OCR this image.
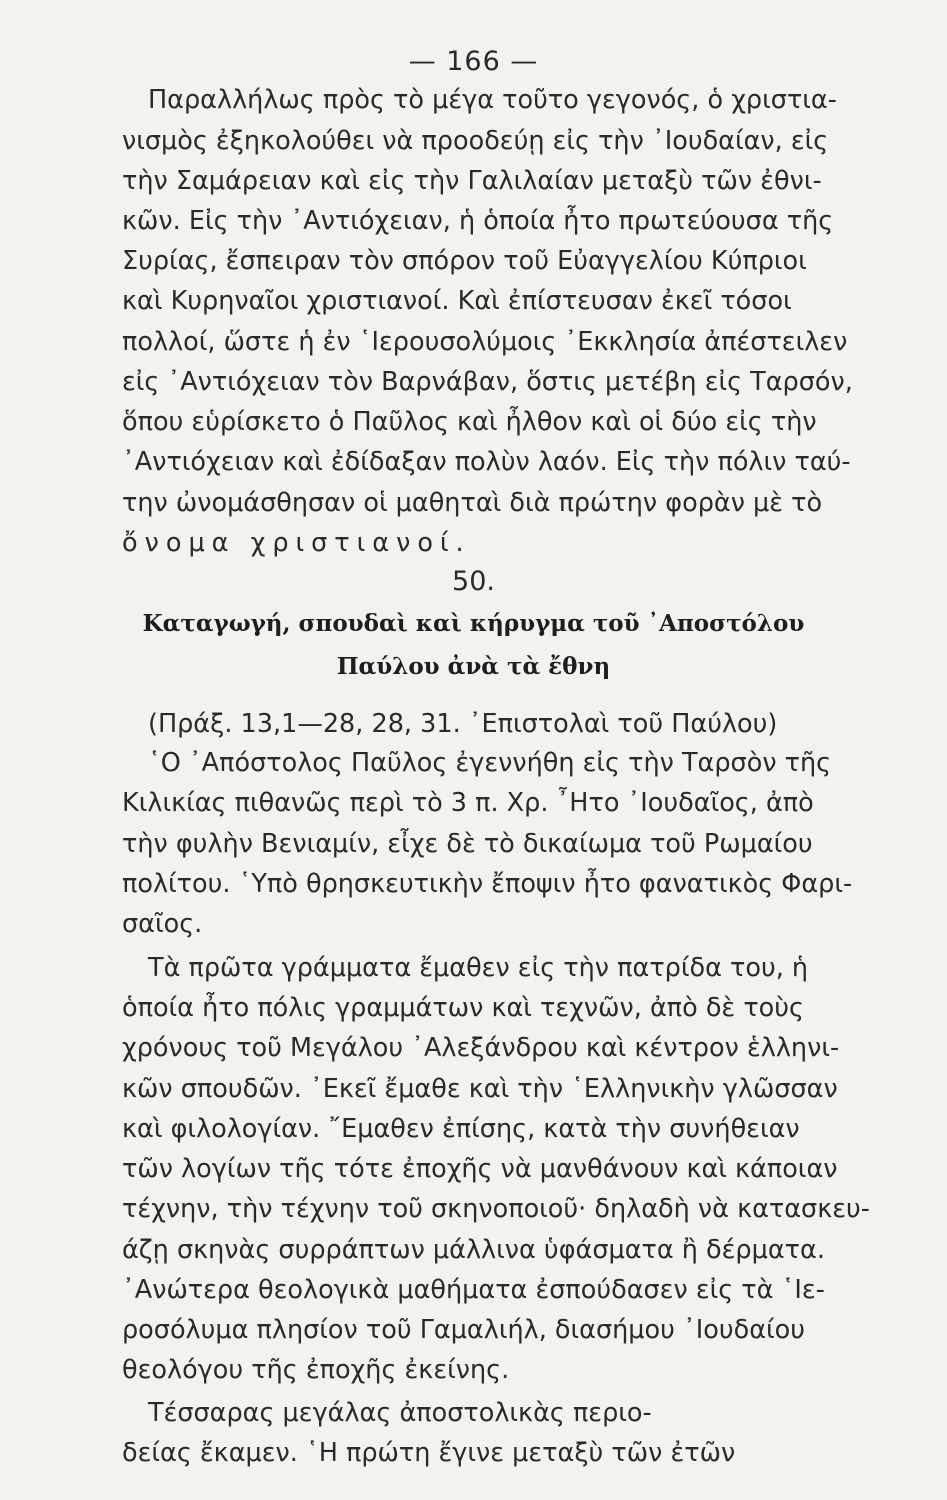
— 166 —
Παραλλήλως πρὸς τὸ μέγα τοῦτο γεγονός, ὁ χριστια-
νισμὸς ἐξηκολούθει νὰ προοδεύῃ εἰς τὴν ᾿Ιουδαίαν, εἰς
τὴν Σαμάρειαν καὶ εἰς τὴν Γαλιλαίαν μεταξὺ τῶν ἐθνι-
κῶν. Εἰς τὴν ᾿Αντιόχειαν, ἡ ὁποία ἦτο πρωτεύουσα τῆς
Συρίας, ἔσπειραν τὸν σπόρον τοῦ Εὐαγγελίου Κύπριοι
καὶ Κυρηναῖοι χριστιανοί. Καὶ ἐπίστευσαν ἐκεῖ τόσοι
πολλοί, ὥστε ἡ ἐν ῾Ιερουσολύμοις ᾿Εκκλησία ἀπέστειλεν
εἰς ᾿Αντιόχειαν τὸν Βαρνάβαν, ὅστις μετέβη εἰς Ταρσόν,
ὅπου εὑρίσκετο ὁ Παῦλος καὶ ἦλθον καὶ οἱ δύο εἰς τὴν
᾿Αντιόχειαν καὶ ἐδίδαξαν πολὺν λαόν. Εἰς τὴν πόλιν ταύ-
την ὠνομάσθησαν οἱ μαθηταὶ διὰ πρώτην φορὰν μὲ τὸ
ὄνομα χριστιανοί.
50.
Καταγωγή, σπουδαὶ καὶ κήρυγμα τοῦ ᾿Αποστόλου
Παύλου ἀνὰ τὰ ἔθνη
(Πράξ. 13,1—28, 28, 31. ᾿Επιστολαὶ τοῦ Παύλου)
῾Ο ᾿Απόστολος Παῦλος ἐγεννήθη εἰς τὴν Ταρσὸν τῆς
Κιλικίας πιθανῶς περὶ τὸ 3 π. Χρ. ῏Ητο ᾿Ιουδαῖος, ἀπὸ
τὴν φυλὴν Βενιαμίν, εἶχε δὲ τὸ δικαίωμα τοῦ Ρωμαίου
πολίτου. ῾Υπὸ θρησκευτικὴν ἔποψιν ἦτο φανατικὸς Φαρι-
σαῖος.
Τὰ πρῶτα γράμματα ἔμαθεν εἰς τὴν πατρίδα του, ἡ
ὁποία ἦτο πόλις γραμμάτων καὶ τεχνῶν, ἀπὸ δὲ τοὺς
χρόνους τοῦ Μεγάλου ᾿Αλεξάνδρου καὶ κέντρον ἑλληνι-
κῶν σπουδῶν. ᾿Εκεῖ ἔμαθε καὶ τὴν ῾Ελληνικὴν γλῶσσαν
καὶ φιλολογίαν. ῎Εμαθεν ἐπίσης, κατὰ τὴν συνήθειαν
τῶν λογίων τῆς τότε ἐποχῆς νὰ μανθάνουν καὶ κάποιαν
τέχνην, τὴν τέχνην τοῦ σκηνοποιοῦ· δηλαδὴ νὰ κατασκευ-
άζῃ σκηνὰς συρράπτων μάλλινα ὑφάσματα ἢ δέρματα.
᾿Ανώτερα θεολογικὰ μαθήματα ἐσπούδασεν εἰς τὰ ῾Ιε-
ροσόλυμα πλησίον τοῦ Γαμαλιήλ, διασήμου ᾿Ιουδαίου
θεολόγου τῆς ἐποχῆς ἐκείνης.
Τέσσαρας μεγάλας ἀποστολικὰς περιο-
δείας ἔκαμεν. ῾Η πρώτη ἔγινε μεταξὺ τῶν ἐτῶν
